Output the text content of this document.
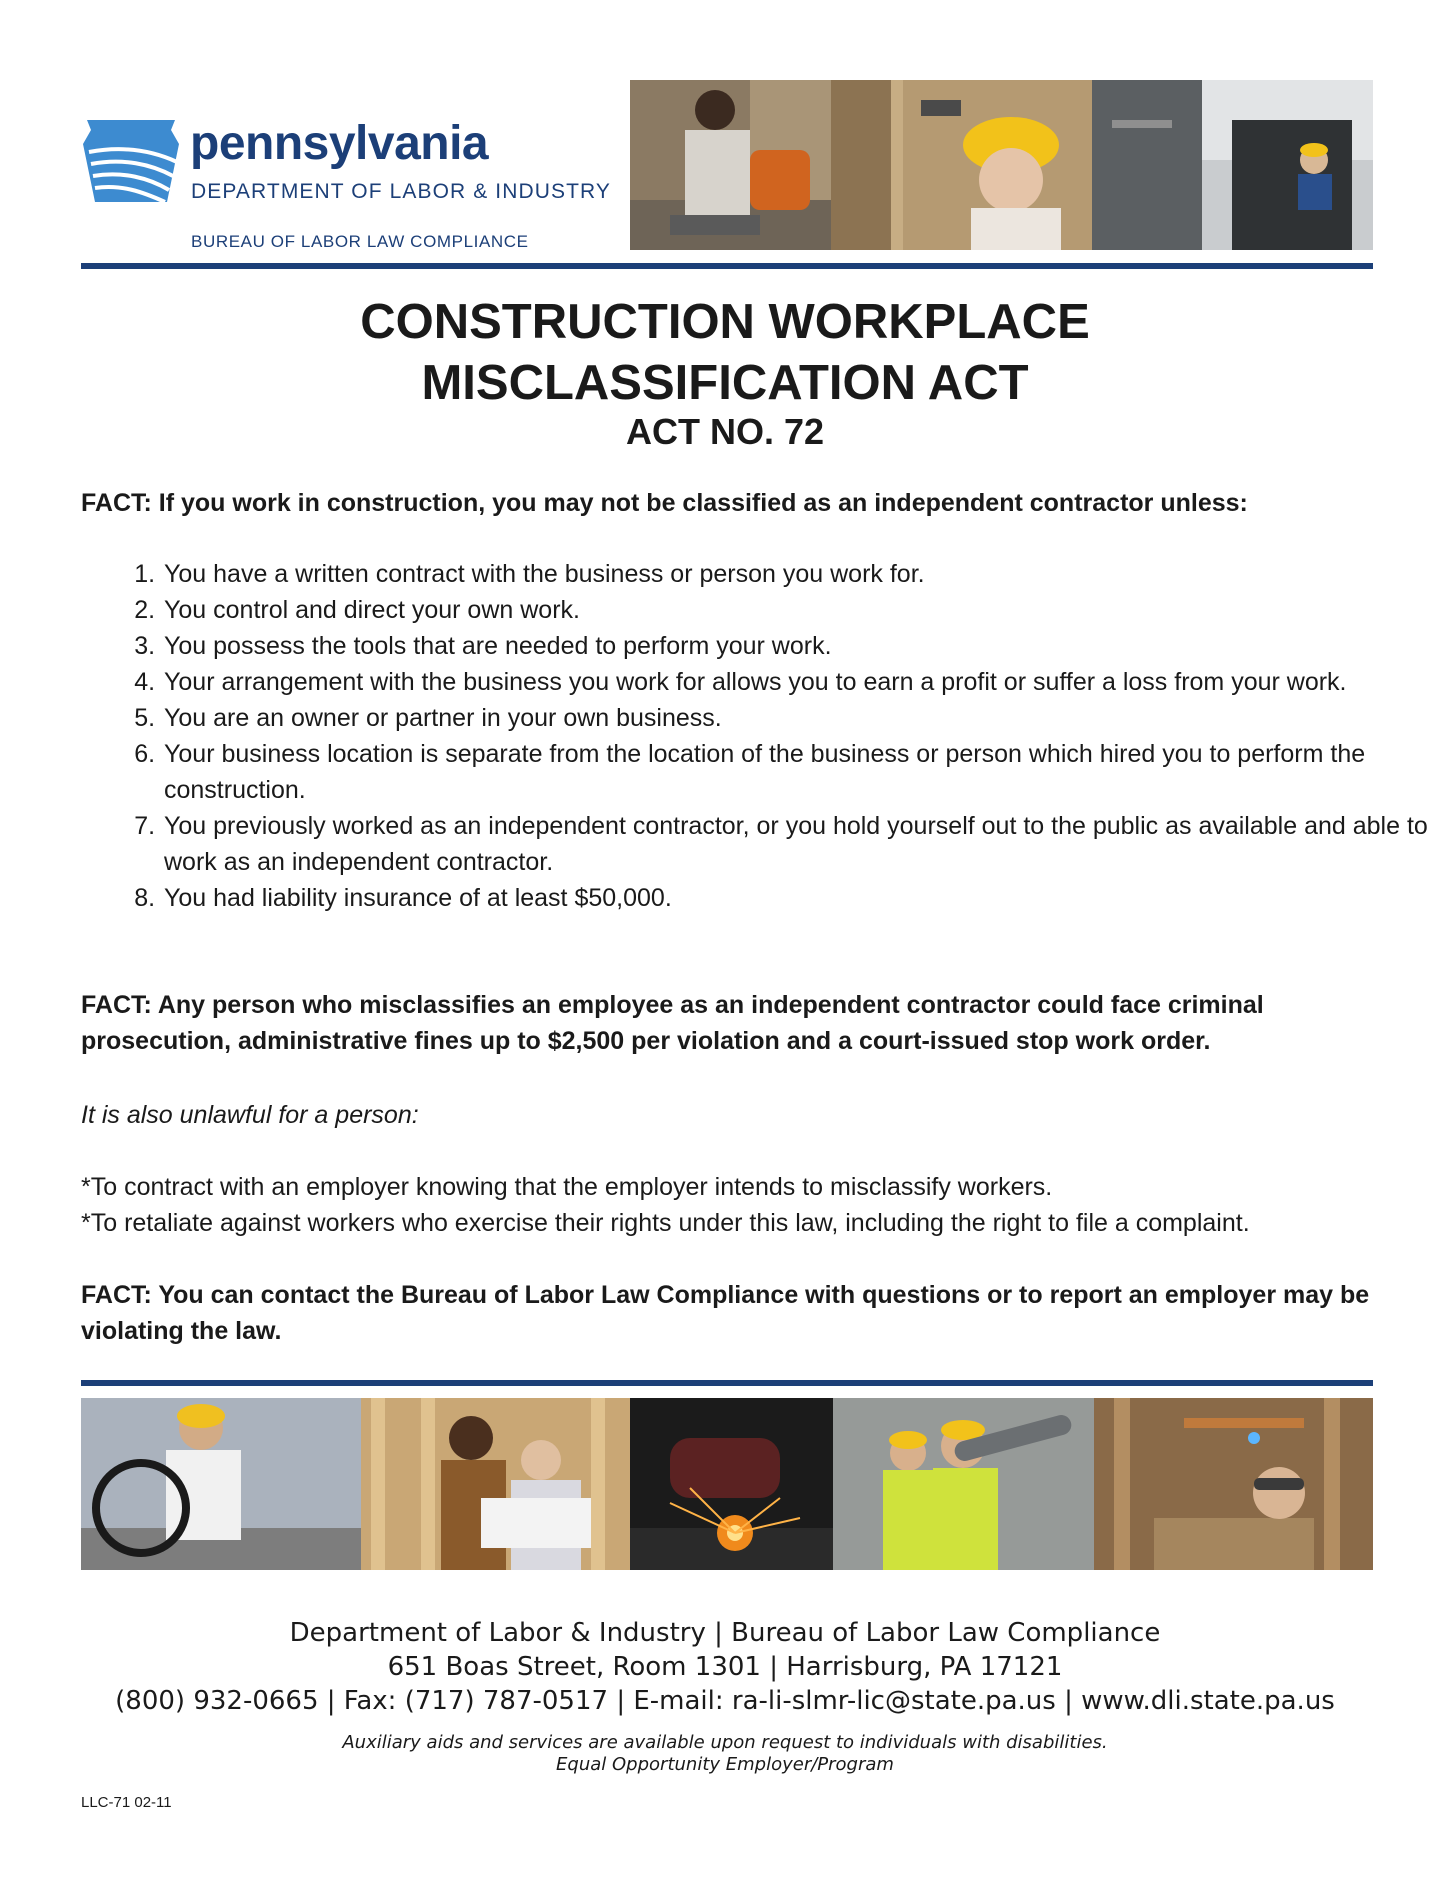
pennsylvania
DEPARTMENT OF LABOR & INDUSTRY
BUREAU OF LABOR LAW COMPLIANCE
CONSTRUCTION WORKPLACE
MISCLASSIFICATION ACT
ACT NO. 72
FACT: If you work in construction, you may not be classified as an independent contractor unless:
1. You have a written contract with the business or person you work for.
2. You control and direct your own work.
3. You possess the tools that are needed to perform your work.
4. Your arrangement with the business you work for allows you to earn a profit or suffer a loss from your work.
5. You are an owner or partner in your own business.
6. Your business location is separate from the location of the business or person which hired you to perform the construction.
7. You previously worked as an independent contractor, or you hold yourself out to the public as available and able to work as an independent contractor.
8. You had liability insurance of at least $50,000.
FACT: Any person who misclassifies an employee as an independent contractor could face criminal prosecution, administrative fines up to $2,500 per violation and a court-issued stop work order.
It is also unlawful for a person:
*To contract with an employer knowing that the employer intends to misclassify workers.
*To retaliate against workers who exercise their rights under this law, including the right to file a complaint.
FACT: You can contact the Bureau of Labor Law Compliance with questions or to report an employer may be violating the law.
Department of Labor & Industry | Bureau of Labor Law Compliance
651 Boas Street, Room 1301 | Harrisburg, PA 17121
(800) 932-0665 | Fax: (717) 787-0517 | E-mail: ra-li-slmr-lic@state.pa.us | www.dli.state.pa.us
Auxiliary aids and services are available upon request to individuals with disabilities.
Equal Opportunity Employer/Program
LLC-71 02-11
